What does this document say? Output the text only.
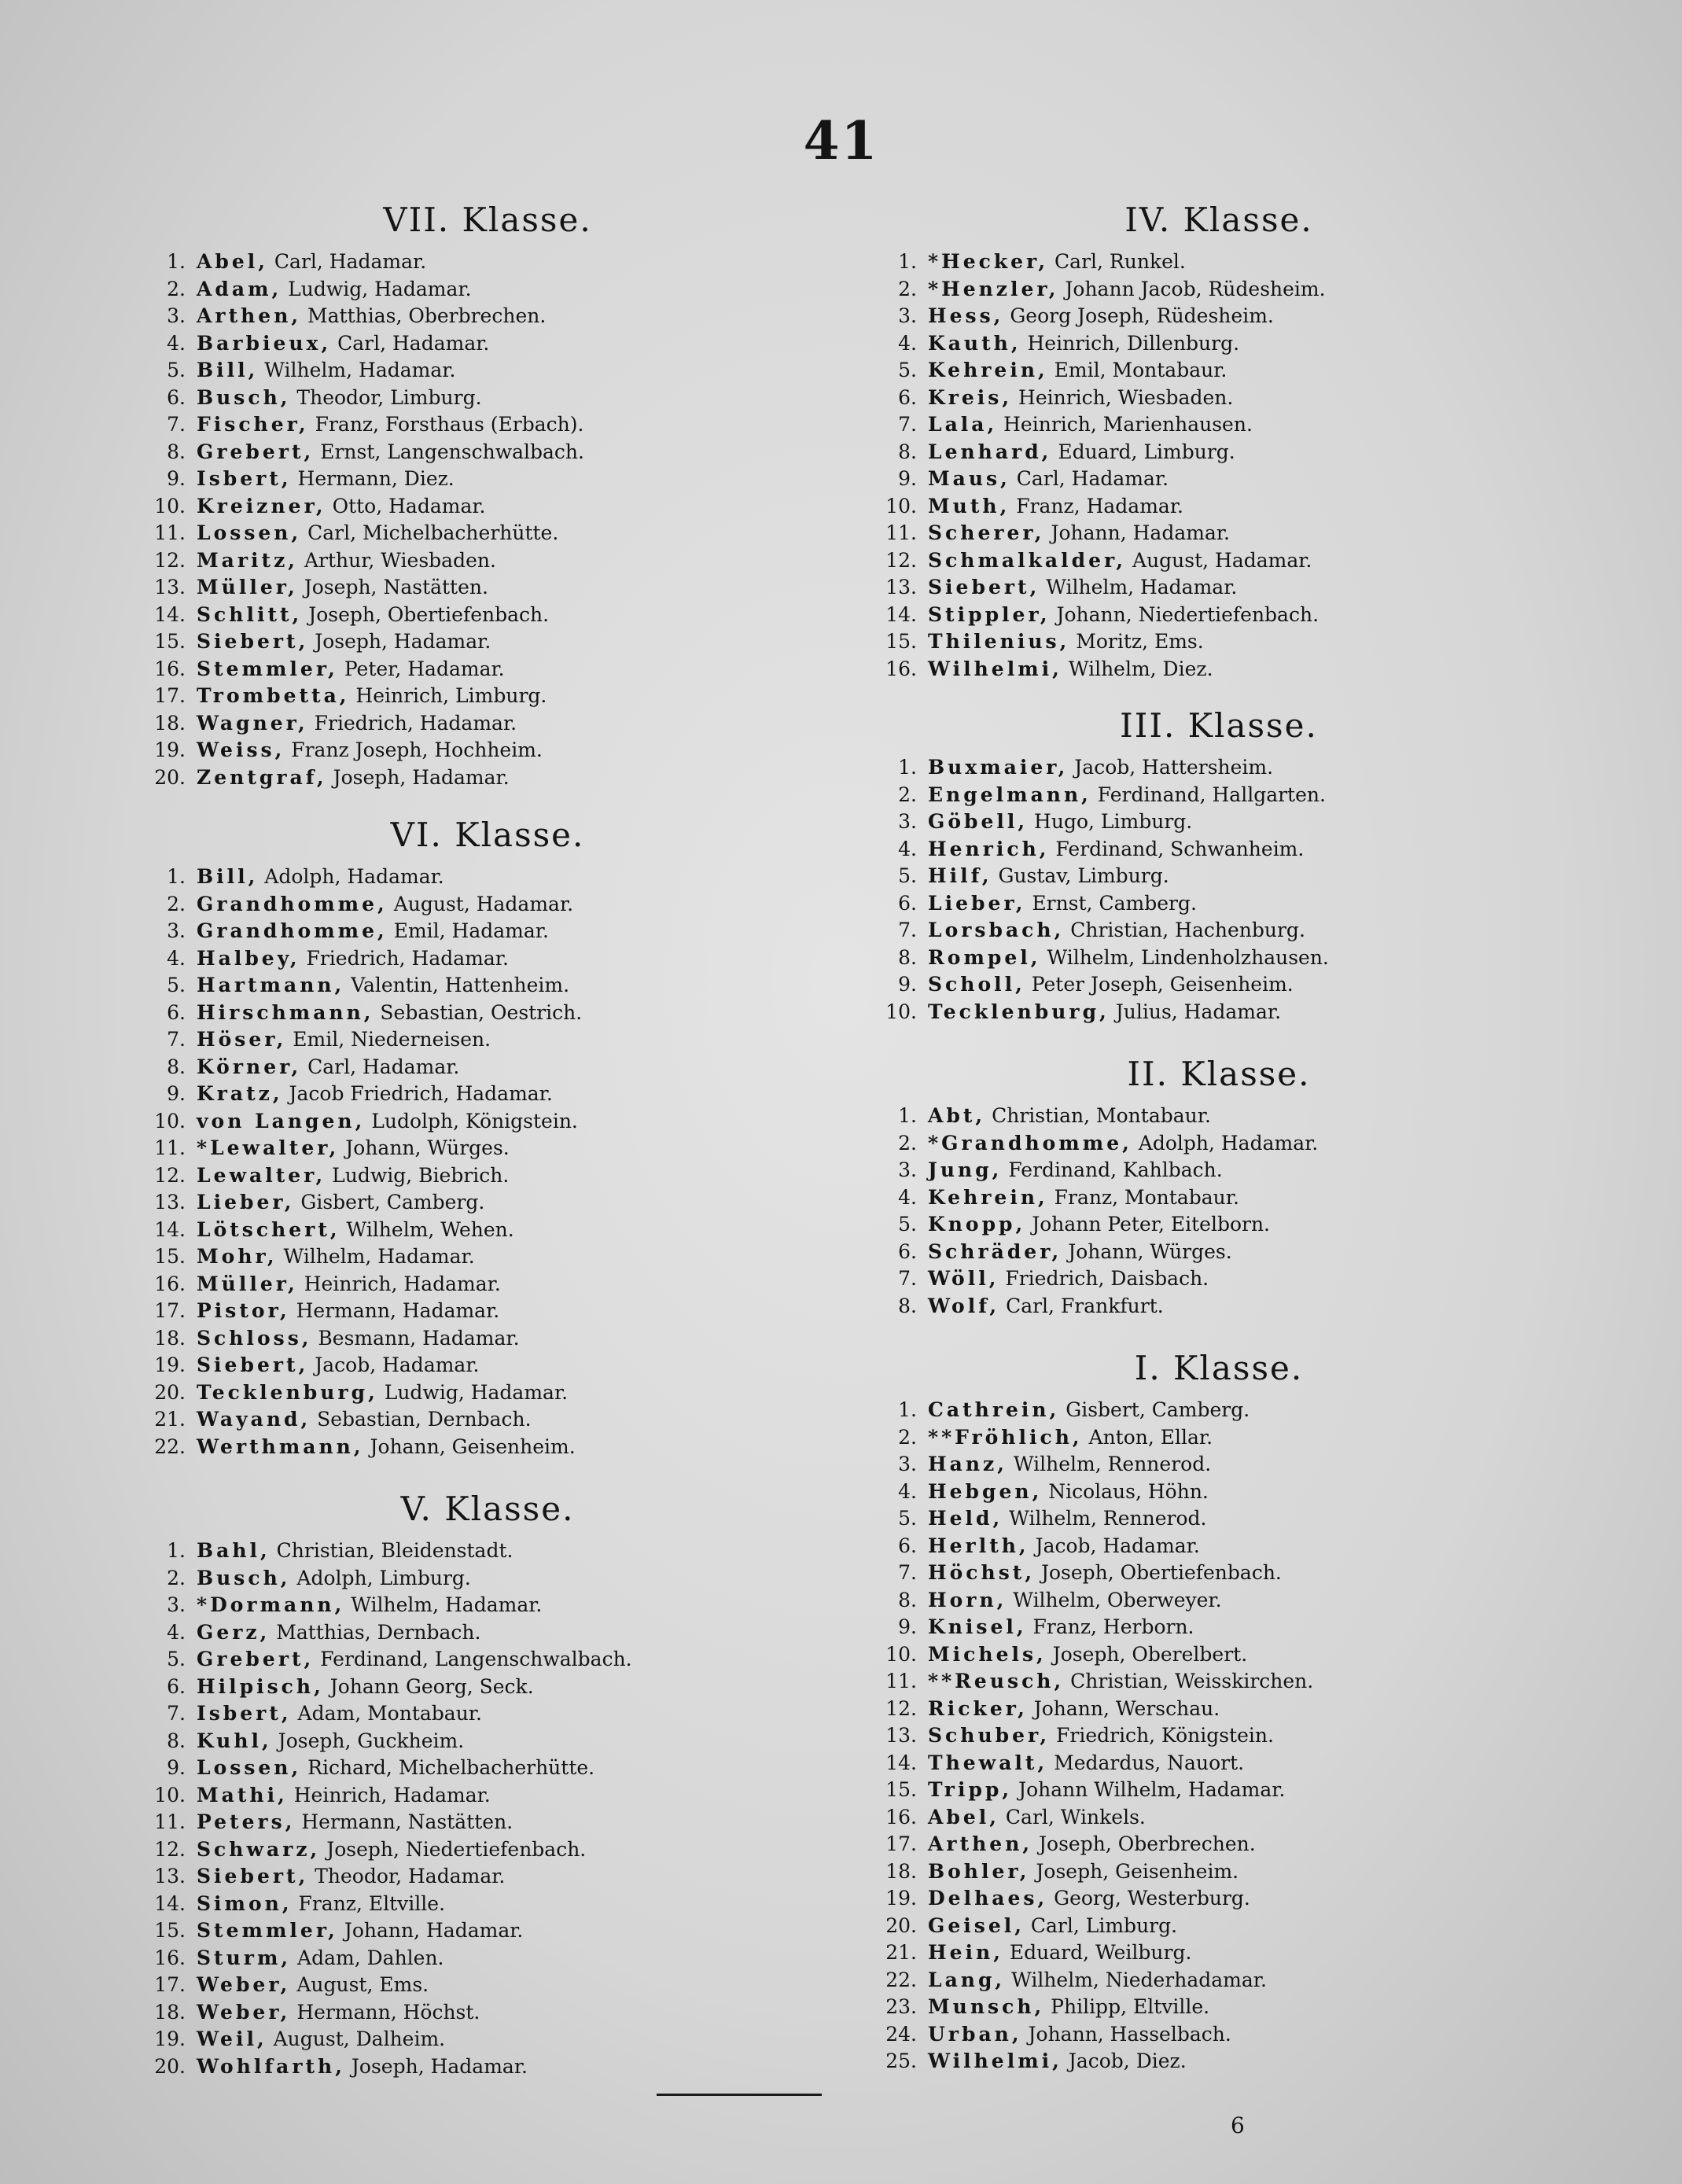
41
VII. Klasse.
1. Abel, Carl, Hadamar.
2. Adam, Ludwig, Hadamar.
3. Arthen, Matthias, Oberbrechen.
4. Barbieux, Carl, Hadamar.
5. Bill, Wilhelm, Hadamar.
6. Busch, Theodor, Limburg.
7. Fischer, Franz, Forsthaus (Erbach).
8. Grebert, Ernst, Langenschwalbach.
9. Isbert, Hermann, Diez.
10. Kreizner, Otto, Hadamar.
11. Lossen, Carl, Michelbacherhütte.
12. Maritz, Arthur, Wiesbaden.
13. Müller, Joseph, Nastätten.
14. Schlitt, Joseph, Obertiefenbach.
15. Siebert, Joseph, Hadamar.
16. Stemmler, Peter, Hadamar.
17. Trombetta, Heinrich, Limburg.
18. Wagner, Friedrich, Hadamar.
19. Weiss, Franz Joseph, Hochheim.
20. Zentgraf, Joseph, Hadamar.
VI. Klasse.
1. Bill, Adolph, Hadamar.
2. Grandhomme, August, Hadamar.
3. Grandhomme, Emil, Hadamar.
4. Halbey, Friedrich, Hadamar.
5. Hartmann, Valentin, Hattenheim.
6. Hirschmann, Sebastian, Oestrich.
7. Höser, Emil, Niederneisen.
8. Körner, Carl, Hadamar.
9. Kratz, Jacob Friedrich, Hadamar.
10. von Langen, Ludolph, Königstein.
11. *Lewalter, Johann, Würges.
12. Lewalter, Ludwig, Biebrich.
13. Lieber, Gisbert, Camberg.
14. Lötschert, Wilhelm, Wehen.
15. Mohr, Wilhelm, Hadamar.
16. Müller, Heinrich, Hadamar.
17. Pistor, Hermann, Hadamar.
18. Schloss, Besmann, Hadamar.
19. Siebert, Jacob, Hadamar.
20. Tecklenburg, Ludwig, Hadamar.
21. Wayand, Sebastian, Dernbach.
22. Werthmann, Johann, Geisenheim.
V. Klasse.
1. Bahl, Christian, Bleidenstadt.
2. Busch, Adolph, Limburg.
3. *Dormann, Wilhelm, Hadamar.
4. Gerz, Matthias, Dernbach.
5. Grebert, Ferdinand, Langenschwalbach.
6. Hilpisch, Johann Georg, Seck.
7. Isbert, Adam, Montabaur.
8. Kuhl, Joseph, Guckheim.
9. Lossen, Richard, Michelbacherhütte.
10. Mathi, Heinrich, Hadamar.
11. Peters, Hermann, Nastätten.
12. Schwarz, Joseph, Niedertiefenbach.
13. Siebert, Theodor, Hadamar.
14. Simon, Franz, Eltville.
15. Stemmler, Johann, Hadamar.
16. Sturm, Adam, Dahlen.
17. Weber, August, Ems.
18. Weber, Hermann, Höchst.
19. Weil, August, Dalheim.
20. Wohlfarth, Joseph, Hadamar.
IV. Klasse.
1. *Hecker, Carl, Runkel.
2. *Henzler, Johann Jacob, Rüdesheim.
3. Hess, Georg Joseph, Rüdesheim.
4. Kauth, Heinrich, Dillenburg.
5. Kehrein, Emil, Montabaur.
6. Kreis, Heinrich, Wiesbaden.
7. Lala, Heinrich, Marienhausen.
8. Lenhard, Eduard, Limburg.
9. Maus, Carl, Hadamar.
10. Muth, Franz, Hadamar.
11. Scherer, Johann, Hadamar.
12. Schmalkalder, August, Hadamar.
13. Siebert, Wilhelm, Hadamar.
14. Stippler, Johann, Niedertiefenbach.
15. Thilenius, Moritz, Ems.
16. Wilhelmi, Wilhelm, Diez.
III. Klasse.
1. Buxmaier, Jacob, Hattersheim.
2. Engelmann, Ferdinand, Hallgarten.
3. Göbell, Hugo, Limburg.
4. Henrich, Ferdinand, Schwanheim.
5. Hilf, Gustav, Limburg.
6. Lieber, Ernst, Camberg.
7. Lorsbach, Christian, Hachenburg.
8. Rompel, Wilhelm, Lindenholzhausen.
9. Scholl, Peter Joseph, Geisenheim.
10. Tecklenburg, Julius, Hadamar.
II. Klasse.
1. Abt, Christian, Montabaur.
2. *Grandhomme, Adolph, Hadamar.
3. Jung, Ferdinand, Kahlbach.
4. Kehrein, Franz, Montabaur.
5. Knopp, Johann Peter, Eitelborn.
6. Schräder, Johann, Würges.
7. Wöll, Friedrich, Daisbach.
8. Wolf, Carl, Frankfurt.
I. Klasse.
1. Cathrein, Gisbert, Camberg.
2. **Fröhlich, Anton, Ellar.
3. Hanz, Wilhelm, Rennerod.
4. Hebgen, Nicolaus, Höhn.
5. Held, Wilhelm, Rennerod.
6. Herlth, Jacob, Hadamar.
7. Höchst, Joseph, Obertiefenbach.
8. Horn, Wilhelm, Oberweyer.
9. Knisel, Franz, Herborn.
10. Michels, Joseph, Oberelbert.
11. **Reusch, Christian, Weisskirchen.
12. Ricker, Johann, Werschau.
13. Schuber, Friedrich, Königstein.
14. Thewalt, Medardus, Nauort.
15. Tripp, Johann Wilhelm, Hadamar.
16. Abel, Carl, Winkels.
17. Arthen, Joseph, Oberbrechen.
18. Bohler, Joseph, Geisenheim.
19. Delhaes, Georg, Westerburg.
20. Geisel, Carl, Limburg.
21. Hein, Eduard, Weilburg.
22. Lang, Wilhelm, Niederhadamar.
23. Munsch, Philipp, Eltville.
24. Urban, Johann, Hasselbach.
25. Wilhelmi, Jacob, Diez.
6
